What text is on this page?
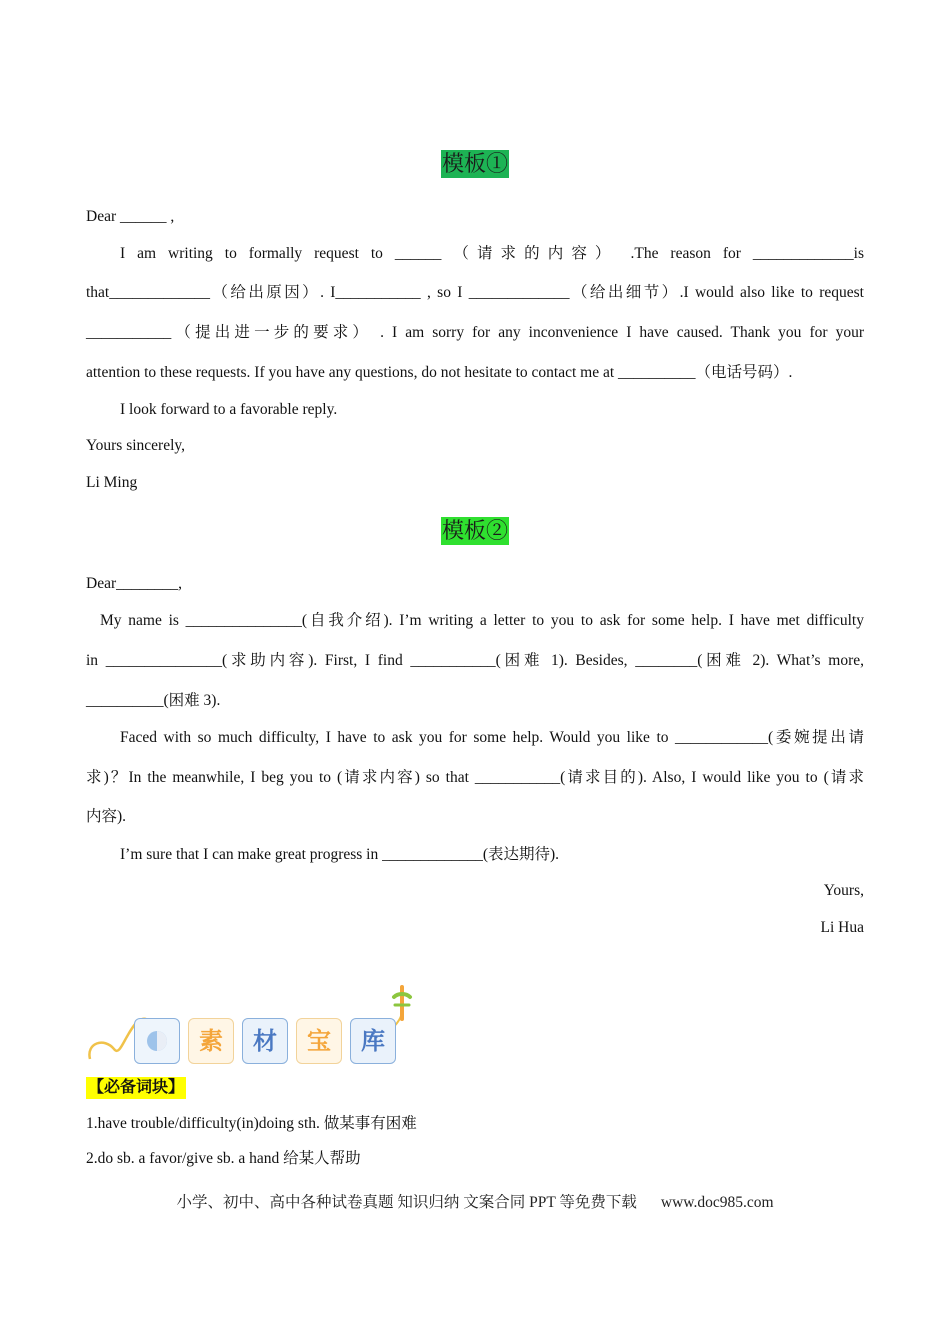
模板①
Dear ______ ,
I am writing to formally request to ______ （请求的内容） .The reason for _____________is
that_____________（给出原因）. I___________ , so I _____________（给出细节）.I would also like to request
___________（提出进一步的要求） . I am sorry for any inconvenience I have caused. Thank you for your
attention to these requests. If you have any questions, do not hesitate to contact me at __________（电话号码）.
I look forward to a favorable reply.
Yours sincerely,
Li Ming
模板②
Dear________,
My name is _______________(自我介绍). I’m writing a letter to you to ask for some help. I have met difficulty
in _______________(求助内容). First, I find ___________(困难 1). Besides, ________(困难 2). What’s more,
__________(困难 3).
Faced with so much difficulty, I have to ask you for some help. Would you like to ____________(委婉提出请
求)？In the meanwhile, I beg you to (请求内容) so that ___________(请求目的). Also, I would like you to (请求
内容).
I’m sure that I can make great progress in _____________(表达期待).
Yours,
Li Hua
素	材	宝	库
【必备词块】
1.have trouble/difficulty(in)doing sth. 做某事有困难
2.do sb. a favor/give sb. a hand 给某人帮助
小学、初中、高中各种试卷真题 知识归纳 文案合同 PPT 等免费下载 www.doc985.com
